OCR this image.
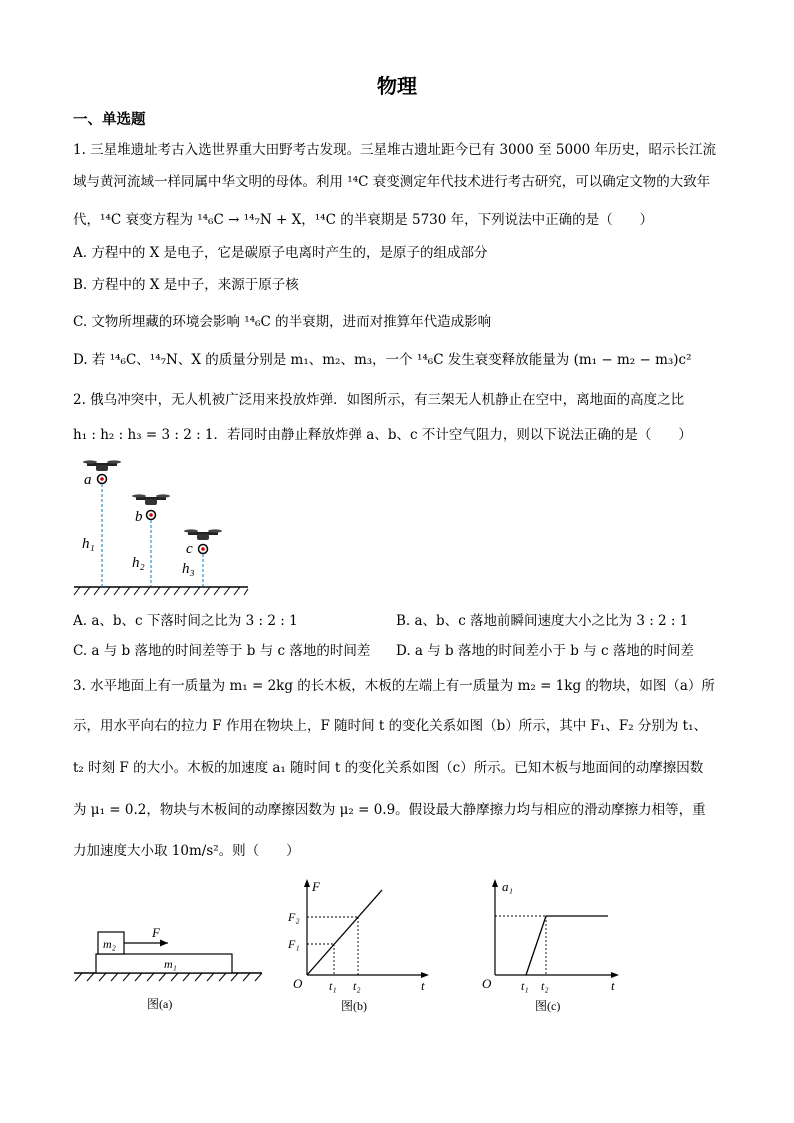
物理
一、单选题
1. 三星堆遗址考古入选世界重大田野考古发现。三星堆古遗址距今已有 3000 至 5000 年历史，昭示长江流
域与黄河流域一样同属中华文明的母体。利用 ¹⁴C 衰变测定年代技术进行考古研究，可以确定文物的大致年
代，¹⁴C 衰变方程为 ¹⁴₆C → ¹⁴₇N + X，¹⁴C 的半衰期是 5730 年，下列说法中正确的是（　　）
A. 方程中的 X 是电子，它是碳原子电离时产生的，是原子的组成部分
B. 方程中的 X 是中子，来源于原子核
C. 文物所埋藏的环境会影响 ¹⁴₆C 的半衰期，进而对推算年代造成影响
D. 若 ¹⁴₆C、¹⁴₇N、X 的质量分别是 m₁、m₂、m₃，一个 ¹⁴₆C 发生衰变释放能量为 (m₁ − m₂ − m₃)c²
2. 俄乌冲突中，无人机被广泛用来投放炸弹．如图所示，有三架无人机静止在空中，离地面的高度之比
h₁ : h₂ : h₃ = 3 : 2 : 1．若同时由静止释放炸弹 a、b、c 不计空气阻力，则以下说法正确的是（　　）
a
b
c
h₁
h₂ h₃
A. a、b、c 下落时间之比为 3 : 2 : 1	B. a、b、c 落地前瞬间速度大小之比为 3 : 2 : 1
C. a 与 b 落地的时间差等于 b 与 c 落地的时间差 D. a 与 b 落地的时间差小于 b 与 c 落地的时间差
3. 水平地面上有一质量为 m₁ = 2kg 的长木板，木板的左端上有一质量为 m₂ = 1kg 的物块，如图（a）所
示，用水平向右的拉力 F 作用在物块上，F 随时间 t 的变化关系如图（b）所示，其中 F₁、F₂ 分别为 t₁、
t₂ 时刻 F 的大小。木板的加速度 a₁ 随时间 t 的变化关系如图（c）所示。已知木板与地面间的动摩擦因数
为 μ₁ = 0.2，物块与木板间的动摩擦因数为 μ₂ = 0.9。假设最大静摩擦力均与相应的滑动摩擦力相等，重
力加速度大小取 10m/s²。则（　　）
F
m₂
m₁
图(a)
F
t
O
F₁
F₂
t₁ t₂
图(b)
a₁
t
O t₁ t₂
图(c)
